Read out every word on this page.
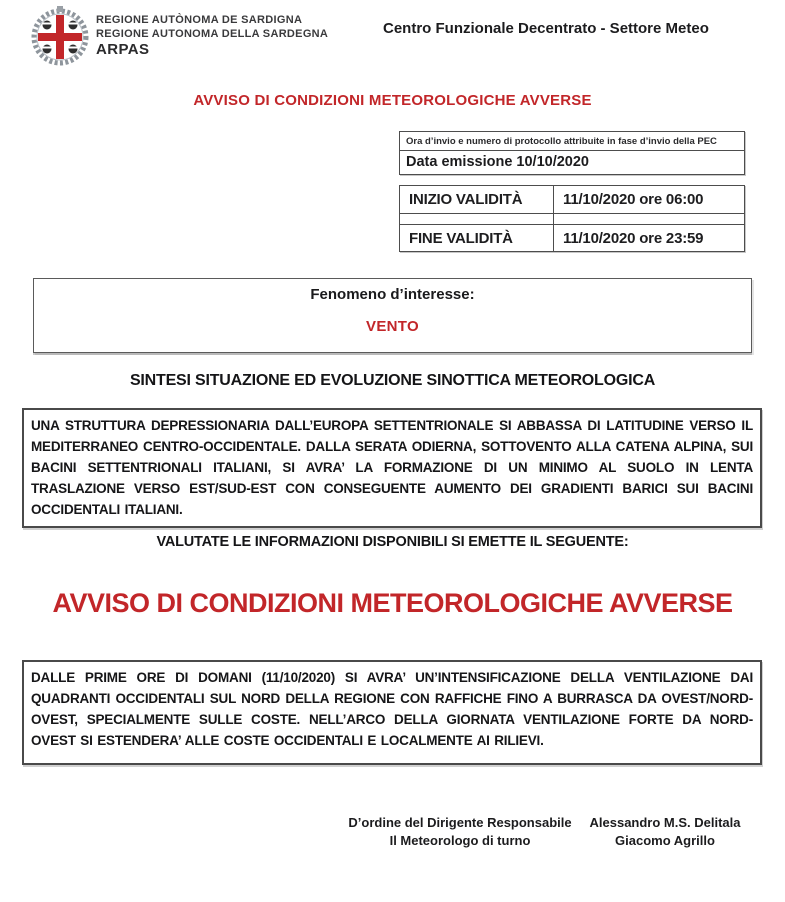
REGIONE AUTÒNOMA DE SARDIGNA
REGIONE AUTONOMA DELLA SARDEGNA
ARPAS
Centro Funzionale Decentrato - Settore Meteo
AVVISO DI CONDIZIONI METEOROLOGICHE AVVERSE
Ora d’invio e numero di protocollo attribuite in fase d’invio della PEC
Data emissione 10/10/2020
INIZIO VALIDITÀ	11/10/2020 ore 06:00
FINE VALIDITÀ	11/10/2020 ore 23:59
Fenomeno d’interesse:
VENTO
SINTESI SITUAZIONE ED EVOLUZIONE SINOTTICA METEOROLOGICA
UNA STRUTTURA DEPRESSIONARIA DALL’EUROPA SETTENTRIONALE SI ABBASSA DI LATITUDINE VERSO IL MEDITERRANEO CENTRO-OCCIDENTALE. DALLA SERATA ODIERNA, SOTTOVENTO ALLA CATENA ALPINA, SUI BACINI SETTENTRIONALI ITALIANI, SI AVRA’ LA FORMAZIONE DI UN MINIMO AL SUOLO IN LENTA TRASLAZIONE VERSO EST/SUD-EST CON CONSEGUENTE AUMENTO DEI GRADIENTI BARICI SUI BACINI OCCIDENTALI ITALIANI.
VALUTATE LE INFORMAZIONI DISPONIBILI SI EMETTE IL SEGUENTE:
AVVISO DI CONDIZIONI METEOROLOGICHE AVVERSE
DALLE PRIME ORE DI DOMANI (11/10/2020) SI AVRA’ UN’INTENSIFICAZIONE DELLA VENTILAZIONE DAI QUADRANTI OCCIDENTALI SUL NORD DELLA REGIONE CON RAFFICHE FINO A BURRASCA DA OVEST/NORD-OVEST, SPECIALMENTE SULLE COSTE. NELL’ARCO DELLA GIORNATA VENTILAZIONE FORTE DA NORD-OVEST SI ESTENDERA’ ALLE COSTE OCCIDENTALI E LOCALMENTE AI RILIEVI.
D’ordine del Dirigente Responsabile
Il Meteorologo di turno
Alessandro M.S. Delitala
Giacomo Agrillo
